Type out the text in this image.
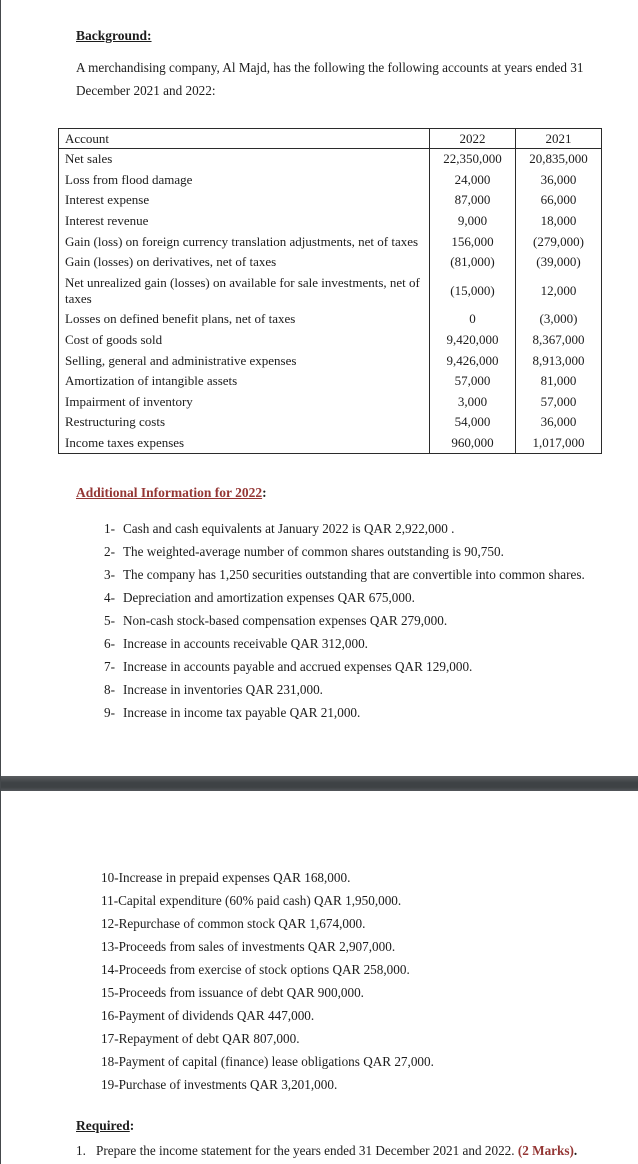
Background:
A merchandising company, Al Majd, has the following the following accounts at years ended 31
December 2021 and 2022:
Account	2022	2021
Net sales	22,350,000	20,835,000
Loss from flood damage	24,000	36,000
Interest expense	87,000	66,000
Interest revenue	9,000	18,000
Gain (loss) on foreign currency translation adjustments, net of taxes	156,000	(279,000)
Gain (losses) on derivatives, net of taxes	(81,000)	(39,000)
Net unrealized gain (losses) on available for sale investments, net of taxes	(15,000)	12,000
Losses on defined benefit plans, net of taxes	0	(3,000)
Cost of goods sold	9,420,000	8,367,000
Selling, general and administrative expenses	9,426,000	8,913,000
Amortization of intangible assets	57,000	81,000
Impairment of inventory	3,000	57,000
Restructuring costs	54,000	36,000
Income taxes expenses	960,000	1,017,000
Additional Information for 2022:
1- Cash and cash equivalents at January 2022 is QAR 2,922,000 .
2- The weighted-average number of common shares outstanding is 90,750.
3- The company has 1,250 securities outstanding that are convertible into common shares.
4- Depreciation and amortization expenses QAR 675,000.
5- Non-cash stock-based compensation expenses QAR 279,000.
6- Increase in accounts receivable QAR 312,000.
7- Increase in accounts payable and accrued expenses QAR 129,000.
8- Increase in inventories QAR 231,000.
9- Increase in income tax payable QAR 21,000.
10-Increase in prepaid expenses QAR 168,000.
11-Capital expenditure (60% paid cash) QAR 1,950,000.
12-Repurchase of common stock QAR 1,674,000.
13-Proceeds from sales of investments QAR 2,907,000.
14-Proceeds from exercise of stock options QAR 258,000.
15-Proceeds from issuance of debt QAR 900,000.
16-Payment of dividends QAR 447,000.
17-Repayment of debt QAR 807,000.
18-Payment of capital (finance) lease obligations QAR 27,000.
19-Purchase of investments QAR 3,201,000.
Required:
1. Prepare the income statement for the years ended 31 December 2021 and 2022. (2 Marks).
